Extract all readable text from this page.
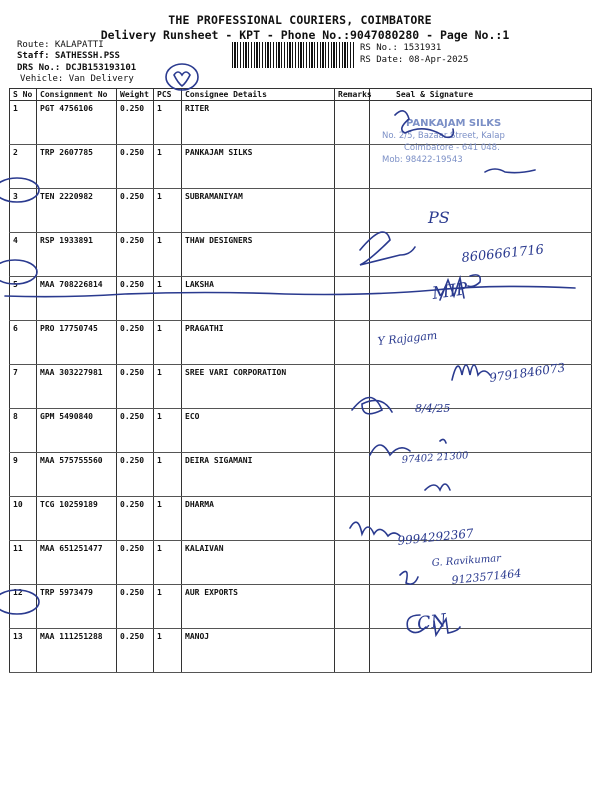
THE PROFESSIONAL COURIERS, COIMBATORE
Delivery Runsheet - KPT - Phone No.:9047080280 - Page No.:1
Route: KALAPATTI
Staff: SATHESSH.PSS
DRS No.: DCJB153193101
Vehicle: Van Delivery
RS No.: 1531931
RS Date: 08-Apr-2025
S No	Consignment No	Weight	PCS	Consignee Details	Remarks	Seal & Signature
1	PGT 4756106	0.250	1	RITER		
2	TRP 2607785	0.250	1	PANKAJAM SILKS		
3	TEN 2220982	0.250	1	SUBRAMANIYAM		
4	RSP 1933891	0.250	1	THAW DESIGNERS		
5	MAA 708226814	0.250	1	LAKSHA		
6	PRO 17750745	0.250	1	PRAGATHI		
7	MAA 303227981	0.250	1	SREE VARI CORPORATION		
8	GPM 5490840	0.250	1	ECO		
9	MAA 575755560	0.250	1	DEIRA SIGAMANI		
10	TCG 10259189	0.250	1	DHARMA		
11	MAA 651251477	0.250	1	KALAIVAN		
12	TRP 5973479	0.250	1	AUR EXPORTS		
13	MAA 111251288	0.250	1	MANOJ		
PANKAJAM SILKS
No. 2/5, Bazaar Street, Kalap
Coimbatore - 641 048.
Mob: 98422-19543
8606661716
PS
MIP
Y Rajagam
9791846073
8/4/25
97402 21300
9994292367
G. Ravikumar
9123571464
CN
